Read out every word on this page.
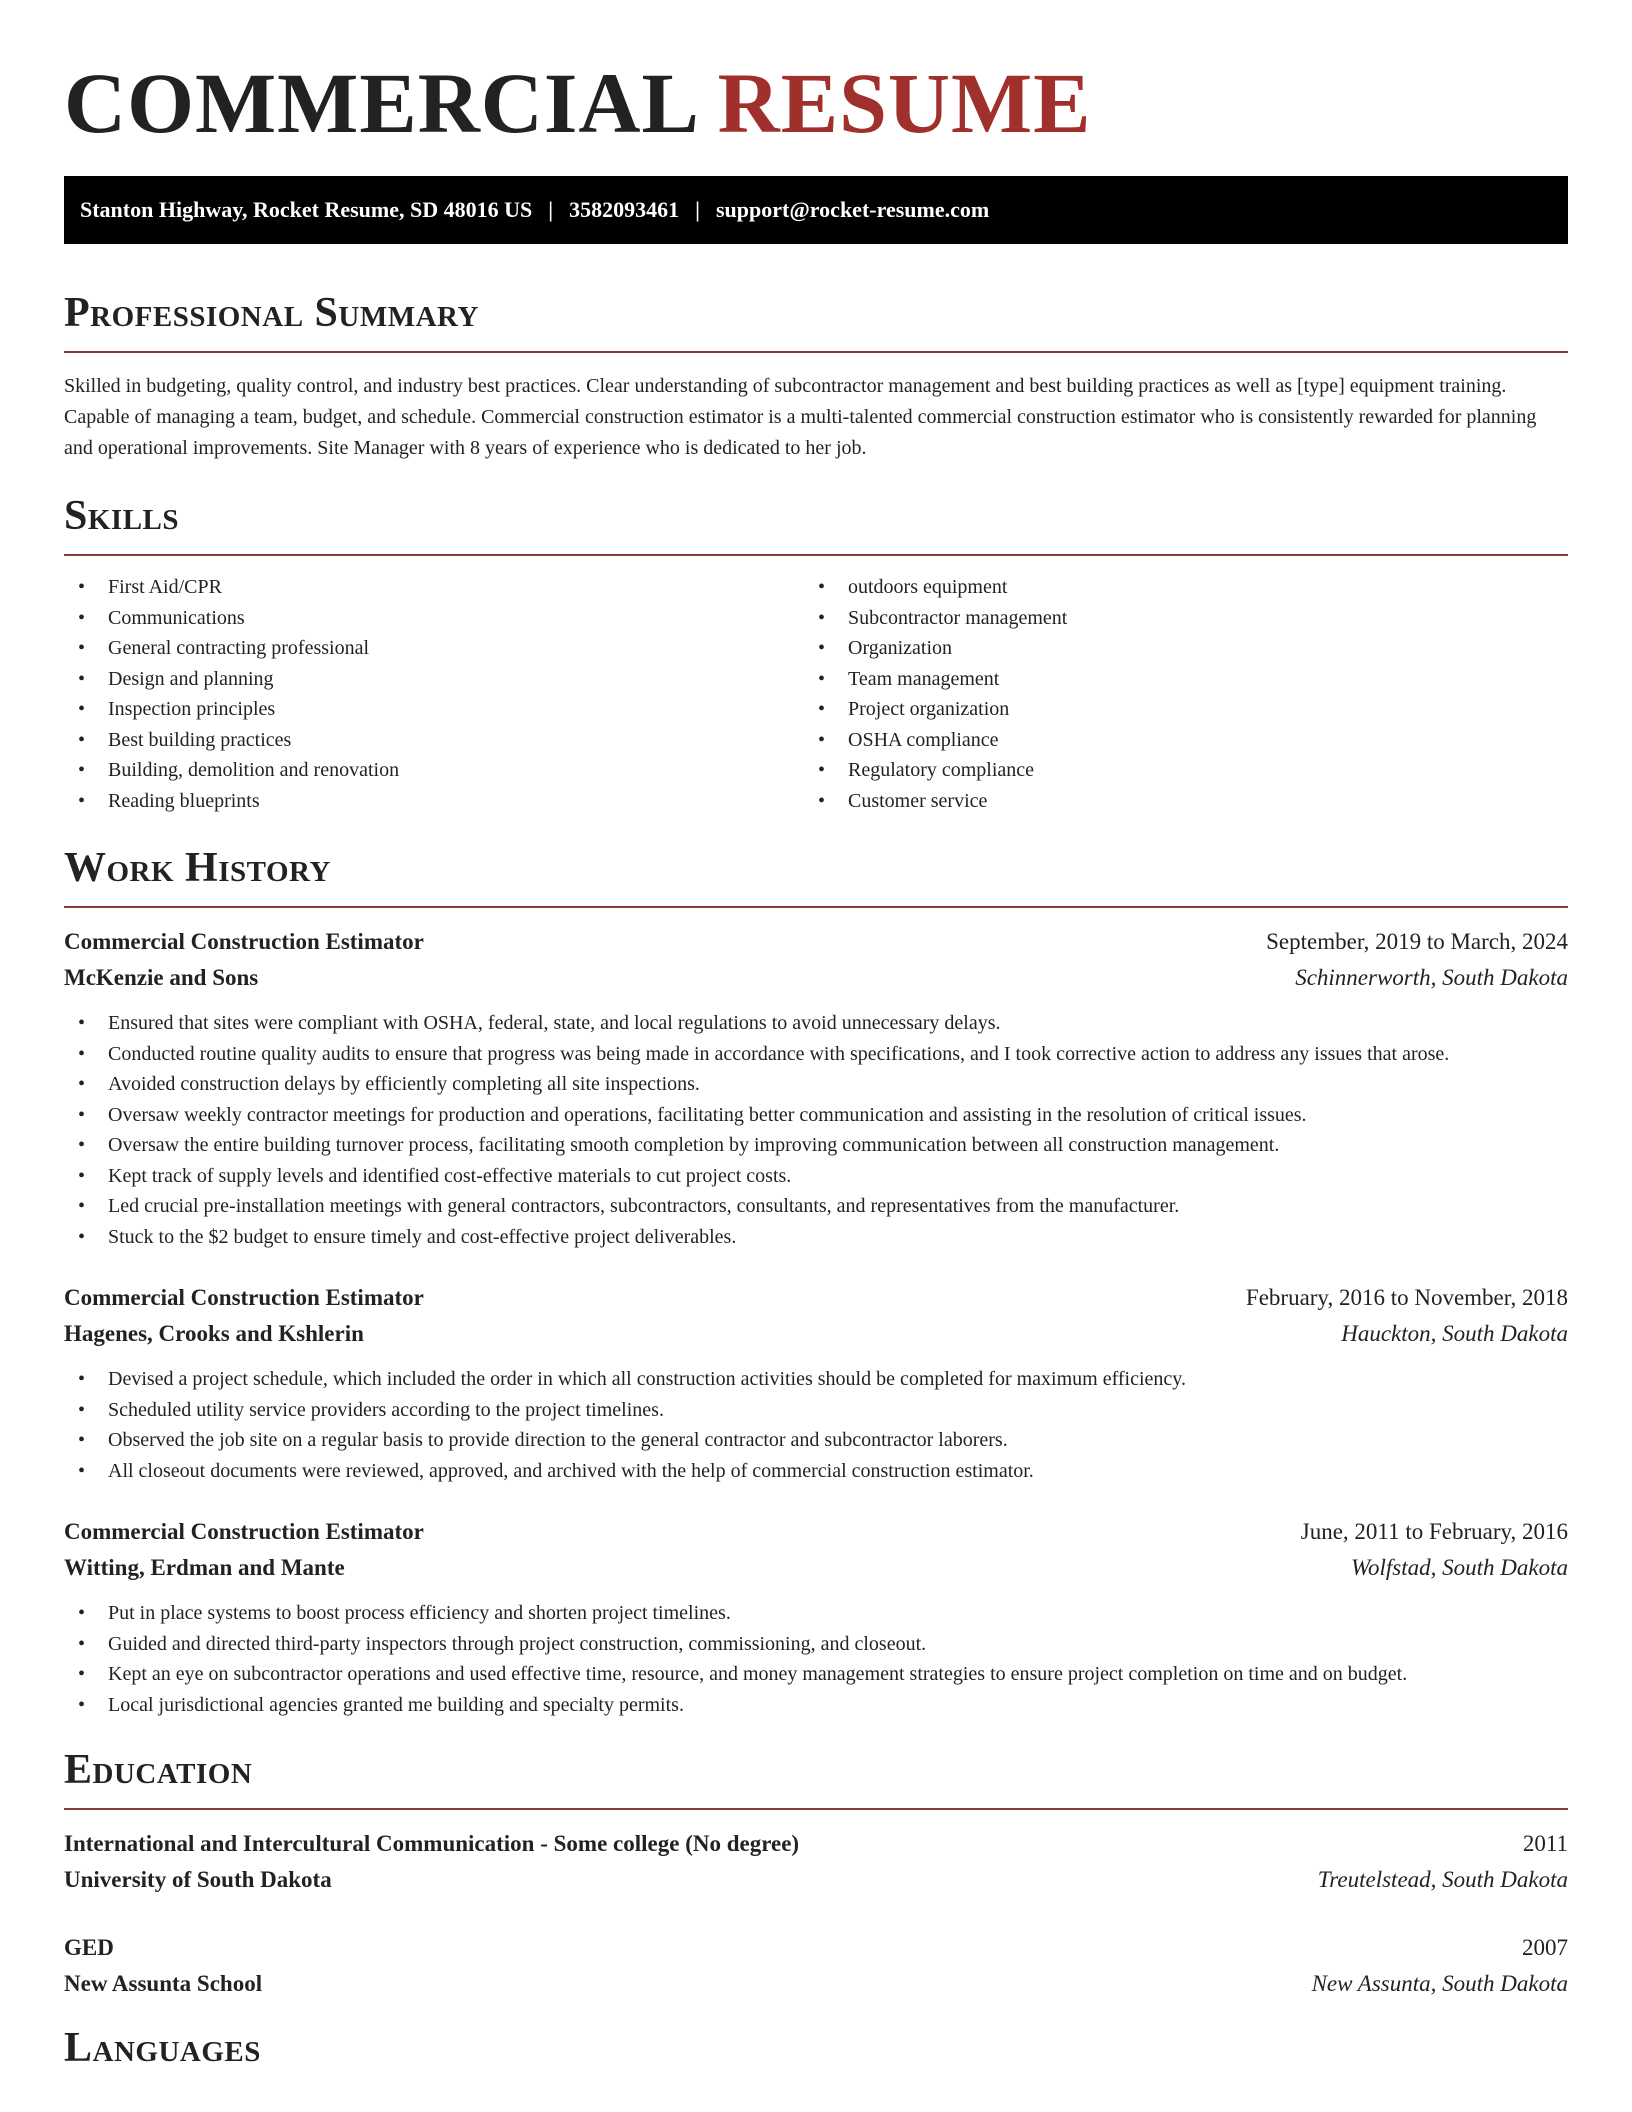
COMMERCIAL RESUME
Stanton Highway, Rocket Resume, SD 48016 US | 3582093461 | support@rocket-resume.com
Professional Summary

Skilled in budgeting, quality control, and industry best practices. Clear understanding of subcontractor management and best building practices as well as [type] equipment training. Capable of managing a team, budget, and schedule. Commercial construction estimator is a multi-talented commercial construction estimator who is consistently rewarded for planning and operational improvements. Site Manager with 8 years of experience who is dedicated to her job.

Skills
• First Aid/CPR
• Communications
• General contracting professional
• Design and planning
• Inspection principles
• Best building practices
• Building, demolition and renovation
• Reading blueprints
• outdoors equipment
• Subcontractor management
• Organization
• Team management
• Project organization
• OSHA compliance
• Regulatory compliance
• Customer service
Work History
Commercial Construction Estimator	September, 2019 to March, 2024
McKenzie and Sons	Schinnerworth, South Dakota
• Ensured that sites were compliant with OSHA, federal, state, and local regulations to avoid unnecessary delays.
• Conducted routine quality audits to ensure that progress was being made in accordance with specifications, and I took corrective action to address any issues that arose.
• Avoided construction delays by efficiently completing all site inspections.
• Oversaw weekly contractor meetings for production and operations, facilitating better communication and assisting in the resolution of critical issues.
• Oversaw the entire building turnover process, facilitating smooth completion by improving communication between all construction management.
• Kept track of supply levels and identified cost-effective materials to cut project costs.
• Led crucial pre-installation meetings with general contractors, subcontractors, consultants, and representatives from the manufacturer.
• Stuck to the $2 budget to ensure timely and cost-effective project deliverables.
Commercial Construction Estimator	February, 2016 to November, 2018
Hagenes, Crooks and Kshlerin	Hauckton, South Dakota
• Devised a project schedule, which included the order in which all construction activities should be completed for maximum efficiency.
• Scheduled utility service providers according to the project timelines.
• Observed the job site on a regular basis to provide direction to the general contractor and subcontractor laborers.
• All closeout documents were reviewed, approved, and archived with the help of commercial construction estimator.
Commercial Construction Estimator	June, 2011 to February, 2016
Witting, Erdman and Mante	Wolfstad, South Dakota
• Put in place systems to boost process efficiency and shorten project timelines.
• Guided and directed third-party inspectors through project construction, commissioning, and closeout.
• Kept an eye on subcontractor operations and used effective time, resource, and money management strategies to ensure project completion on time and on budget.
• Local jurisdictional agencies granted me building and specialty permits.
Education
International and Intercultural Communication - Some college (No degree)	2011
University of South Dakota	Treutelstead, South Dakota
GED	2007
New Assunta School	New Assunta, South Dakota
Languages
